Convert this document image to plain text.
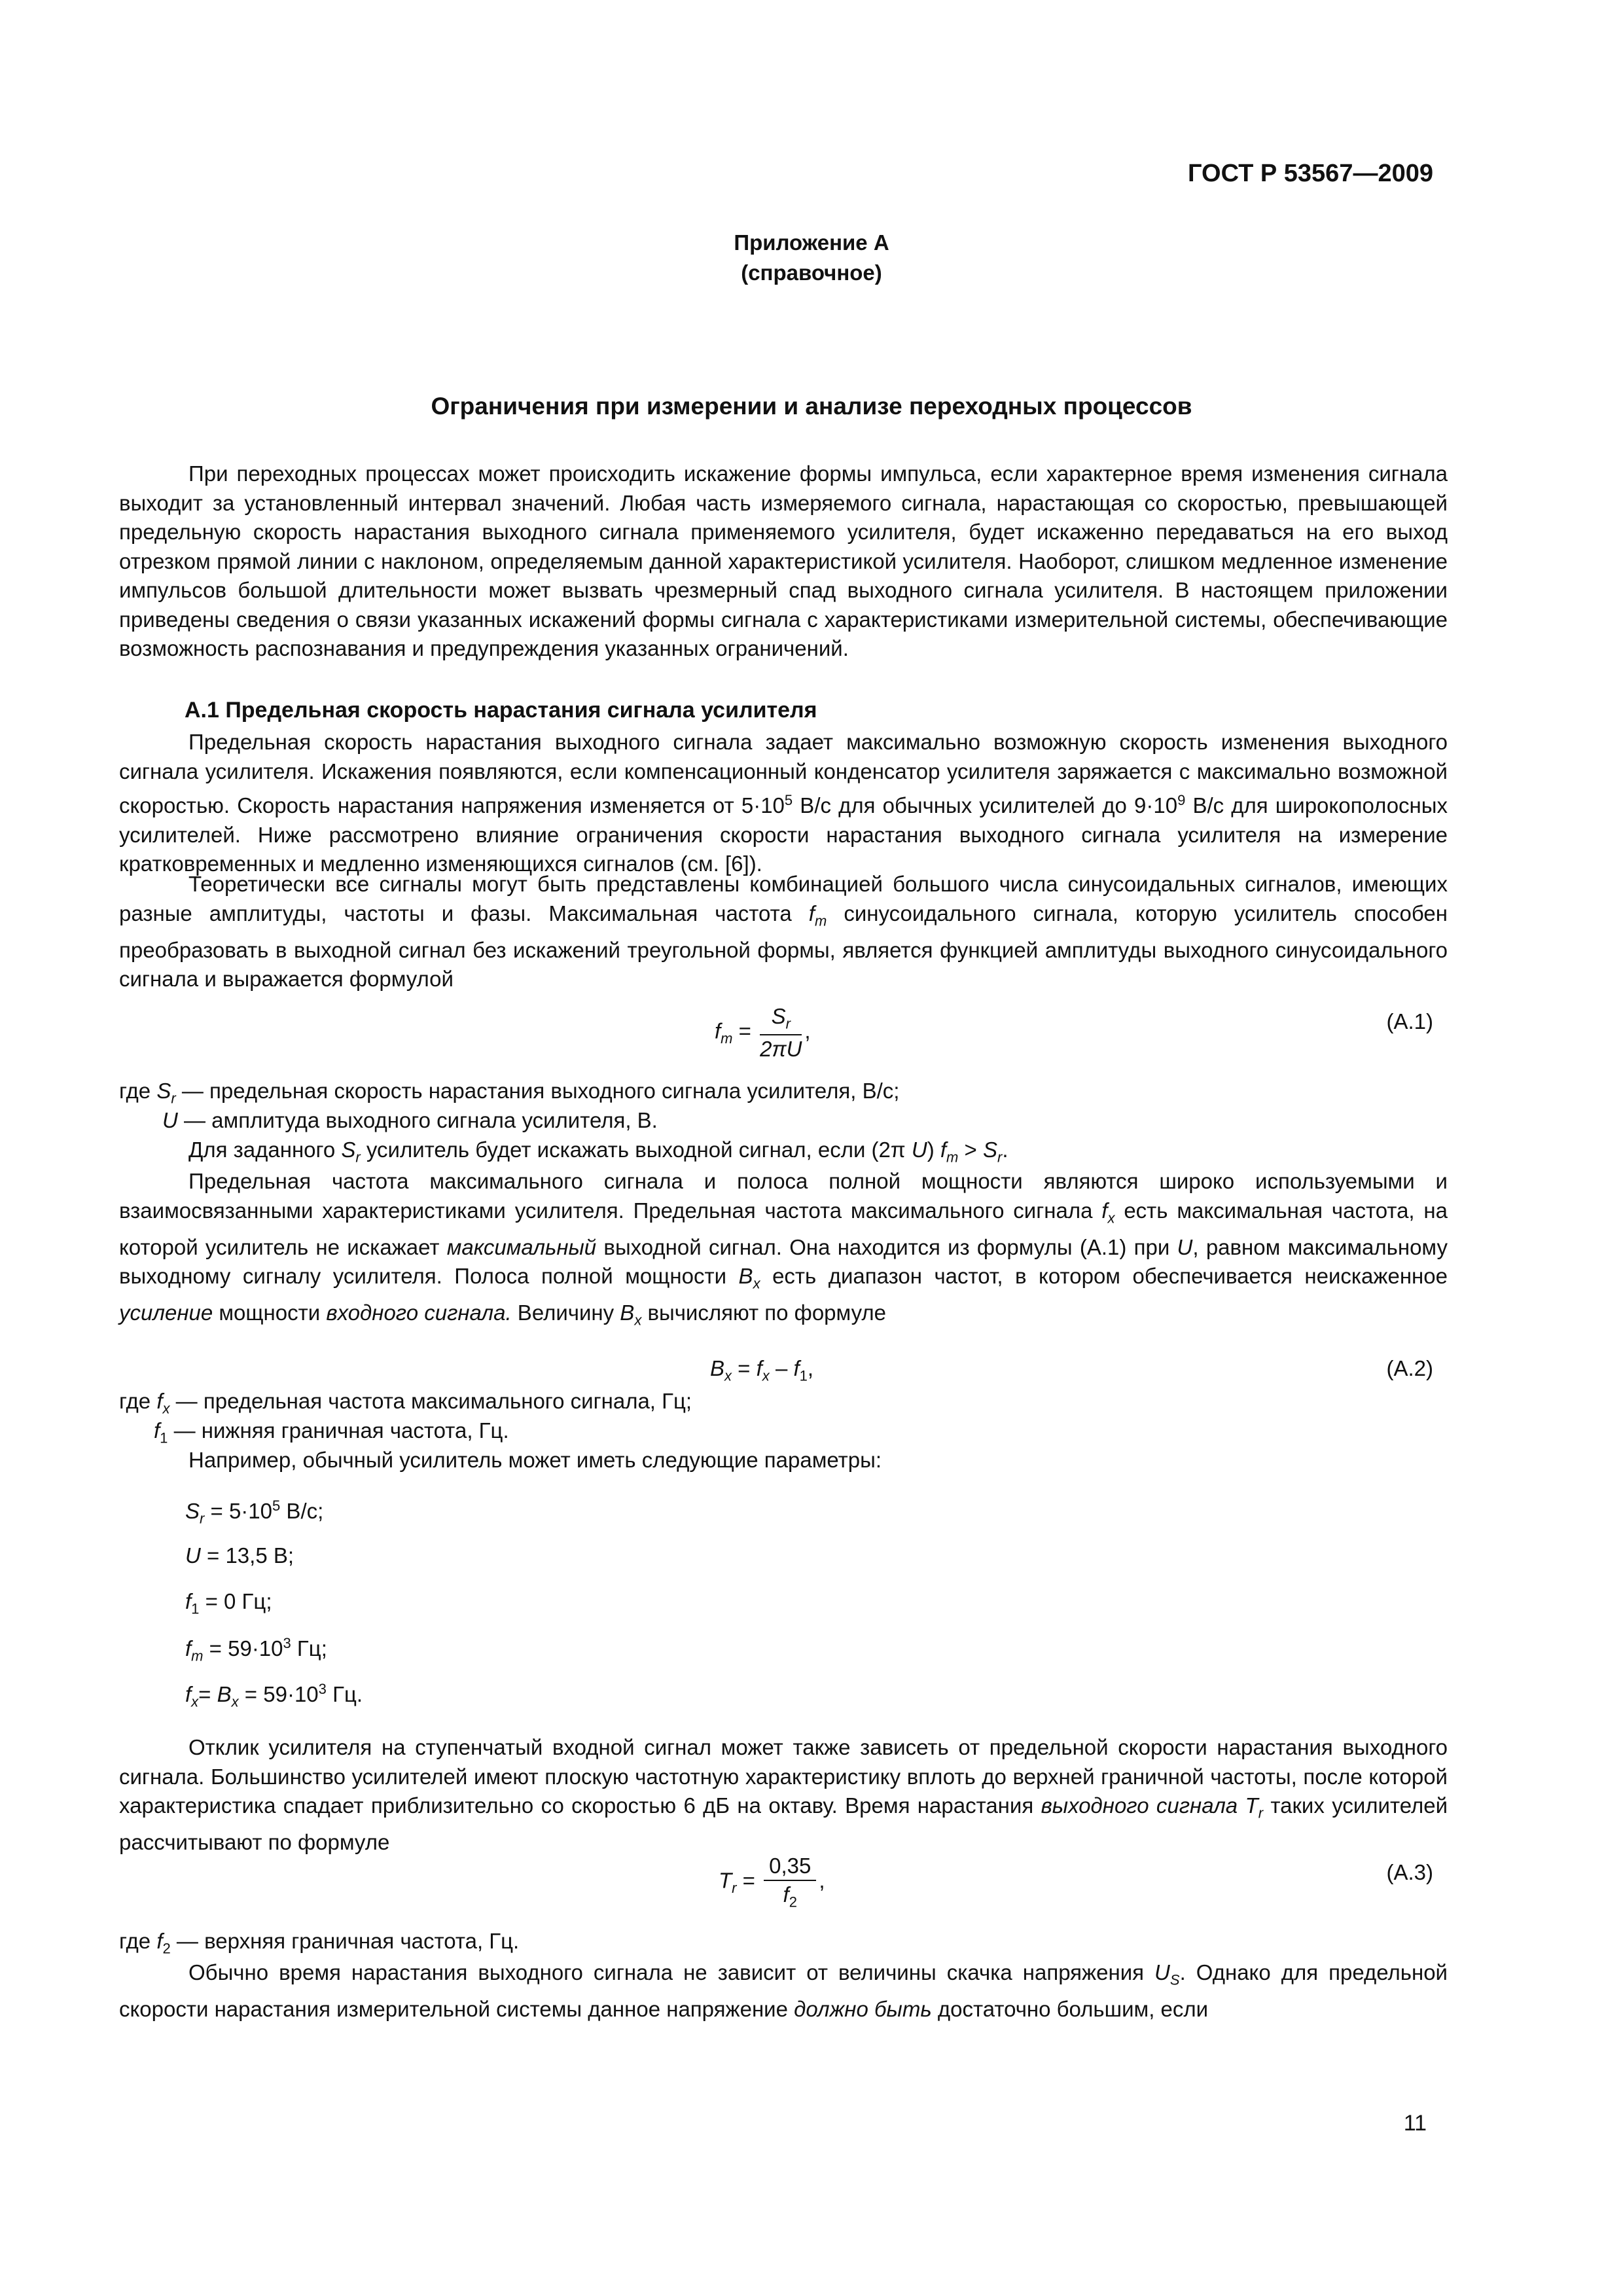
ГОСТ Р 53567—2009
Приложение А
(справочное)
Ограничения при измерении и анализе переходных процессов

При переходных процессах может происходить искажение формы импульса, если характерное время изменения сигнала выходит за установленный интервал значений. Любая часть измеряемого сигнала, нарастающая со скоростью, превышающей предельную скорость нарастания выходного сигнала применяемого усилителя, будет искаженно передаваться на его выход отрезком прямой линии с наклоном, определяемым данной характеристикой усилителя. Наоборот, слишком медленное изменение импульсов большой длительности может вызвать чрезмерный спад выходного сигнала усилителя. В настоящем приложении приведены сведения о связи указанных искажений формы сигнала с характеристиками измерительной системы, обеспечивающие возможность распознавания и предупреждения указанных ограничений.

А.1 Предельная скорость нарастания сигнала усилителя

Предельная скорость нарастания выходного сигнала задает максимально возможную скорость изменения выходного сигнала усилителя. Искажения появляются, если компенсационный конденсатор усилителя заряжается с максимально возможной скоростью. Скорость нарастания напряжения изменяется от $5\cdot 10^5$ В/с для обычных усилителей до $9\cdot 10^9$ В/с для широкополосных усилителей. Ниже рассмотрено влияние ограничения скорости нарастания выходного сигнала усилителя на измерение кратковременных и медленно изменяющихся сигналов (см. [6]).

Теоретически все сигналы могут быть представлены комбинацией большого числа синусоидальных сигналов, имеющих разные амплитуды, частоты и фазы. Максимальная частота $f_m$ синусоидального сигнала, которую усилитель способен преобразовать в выходной сигнал без искажений треугольной формы, является функцией амплитуды выходного синусоидального сигнала и выражается формулой

$f_m = \frac{S_r}{2\pi U}$ ,	(А.1)
где $S_r$ — предельная скорость нарастания выходного сигнала усилителя, В/с;
U — амплитуда выходного сигнала усилителя, В.
Для заданного $S_r$ усилитель будет искажать выходной сигнал, если (2π U) $f_m > S_r$.

Предельная частота максимального сигнала и полоса полной мощности являются широко используемыми и взаимосвязанными характеристиками усилителя. Предельная частота максимального сигнала $f_x$ есть максимальная частота, на которой усилитель не искажает максимальный выходной сигнал. Она находится из формулы (А.1) при U, равном максимальному выходному сигналу усилителя. Полоса полной мощности $B_x$ есть диапазон частот, в котором обеспечивается неискаженное усиление мощности входного сигнала. Величину $B_x$ вычисляют по формуле

$B_x = f_x - f_1$,	(А.2)
где $f_x$ — предельная частота максимального сигнала, Гц;
$f_1$ — нижняя граничная частота, Гц.
Например, обычный усилитель может иметь следующие параметры:
$S_r = 5\cdot 10^5$ В/с;
U = 13,5 В;
$f_1 = 0$ Гц;
$f_m = 59\cdot 10^3$ Гц;
$f_x= B_x = 59\cdot 10^3$ Гц.

Отклик усилителя на ступенчатый входной сигнал может также зависеть от предельной скорости нарастания выходного сигнала. Большинство усилителей имеют плоскую частотную характеристику вплоть до верхней граничной частоты, после которой характеристика спадает приблизительно со скоростью 6 дБ на октаву. Время нарастания выходного сигнала $T_r$ таких усилителей рассчитывают по формуле

$T_r = \frac{0,35}{f_2}$ ,	(А.3)
где $f_2$ — верхняя граничная частота, Гц.

Обычно время нарастания выходного сигнала не зависит от величины скачка напряжения $U_S$. Однако для предельной скорости нарастания измерительной системы данное напряжение должно быть достаточно большим, если

11
